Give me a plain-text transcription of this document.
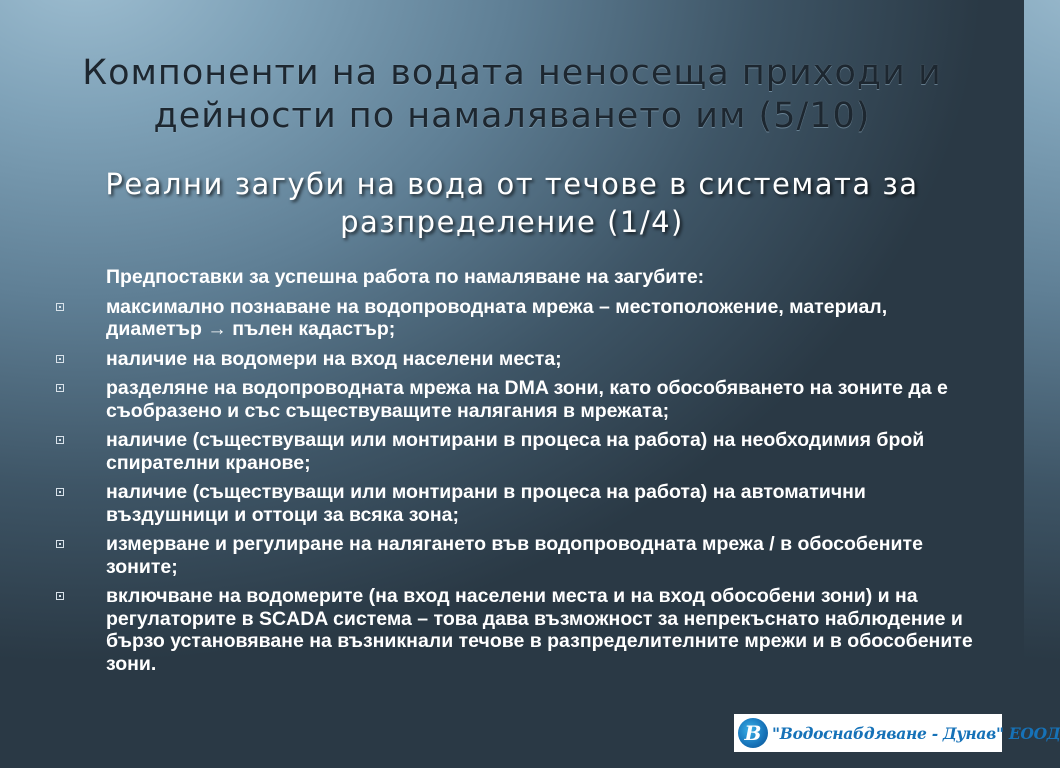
Компоненти на водата неносеща приходи и дейности по намаляването им (5/10)
Реални загуби на вода от течове в системата за разпределение (1/4)
Предпоставки за успешна работа по намаляване на загубите:
максимално познаване на водопроводната мрежа – местоположение, материал, диаметър → пълен кадастър;
наличие на водомери на вход населени места;
разделяне на водопроводната мрежа на DMA зони, като обособяването на зоните да е съобразено и със съществуващите налягания в мрежата;
наличие (съществуващи или монтирани в процеса на работа) на необходимия брой спирателни кранове;
наличие (съществуващи или монтирани в процеса на работа) на автоматични въздушници и оттоци за всяка зона;
измерване и регулиране на налягането във водопроводната мрежа / в обособените зоните;
включване на водомерите (на вход населени места и на вход обособени зони) и на регулаторите в SCADA система – това дава възможност за непрекъснато наблюдение и бързо установяване на възникнали течове в разпределителните мрежи и в обособените зони.
В "Водоснабдяване - Дунав" ЕООД
